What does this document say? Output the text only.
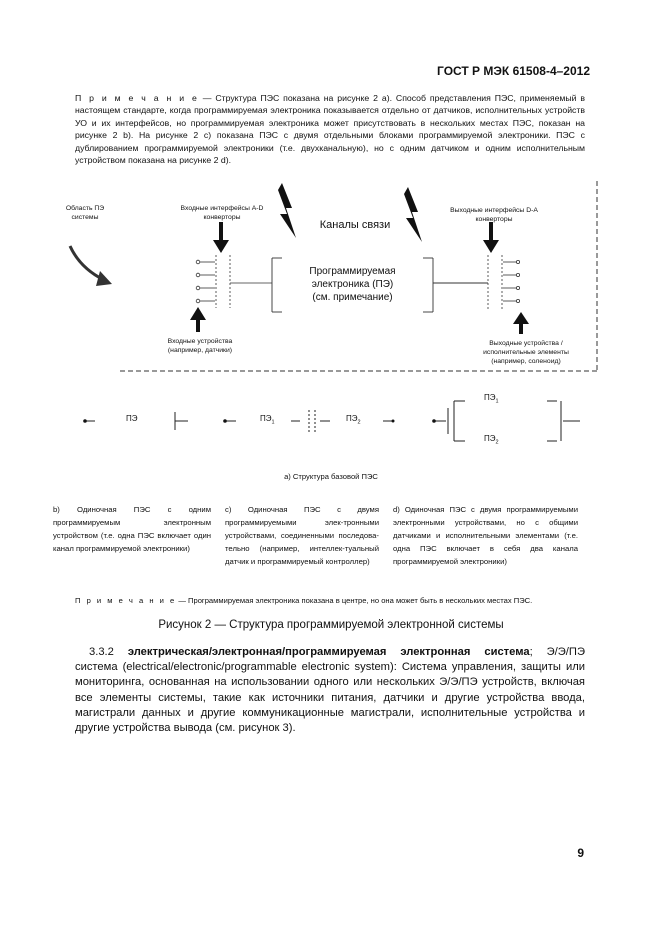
ГОСТ Р МЭК 61508-4–2012
П р и м е ч а н и е — Структура ПЭС показана на рисунке 2 a). Способ представления ПЭС, применяемый в настоящем стандарте, когда программируемая электроника показывается отдельно от датчиков, исполнительных устройств УО и их интерфейсов, но программируемая электроника может присутствовать в нескольких местах ПЭС, показан на рисунке 2 b). На рисунке 2 c) показана ПЭС с двумя отдельными блоками программируемой электроники. ПЭС с дублированием программируемой электроники (т.е. двухканальную), но с одним датчиком и одним исполнительным устройством показана на рисунке 2 d).
Область ПЭ системы
Входные интерфейсы A-D конверторы
Каналы связи
Выходные интерфейсы D-A конверторы
Программируемая
электроника (ПЭ)
(см. примечание)
Входные устройства (например, датчики)
Выходные устройства / исполнительные элементы (например, соленоид)
ПЭ	$ПЭ_1$	$ПЭ_2$
$ПЭ_1$
$ПЭ_2$
a) Структура базовой ПЭС
b) Одиночная ПЭС с одним программируемым электронным устройством (т.е. одна ПЭС включает один канал программируемой электроники)
c) Одиночная ПЭС с двумя программируемыми элек-тронными устройствами, соединенными последова-тельно (например, интеллек-туальный датчик и программируемый контроллер)
d) Одиночная ПЭС с двумя программируемыми электронными устройствами, но с общими датчиками и исполнительными элементами (т.е. одна ПЭС включает в себя два канала программируемой электроники)
П р и м е ч а н и е — Программируемая электроника показана в центре, но она может быть в нескольких местах ПЭС.
Рисунок 2 — Структура программируемой электронной системы
3.3.2 электрическая/электронная/программируемая электронная система; Э/Э/ПЭ система (electrical/electronic/programmable electronic system): Система управления, защиты или мониторинга, основанная на использовании одного или нескольких Э/Э/ПЭ устройств, включая все элементы системы, такие как источники питания, датчики и другие устройства ввода, магистрали данных и другие коммуникационные магистрали, исполнительные устройства и другие устройства вывода (см. рисунок 3).
9
